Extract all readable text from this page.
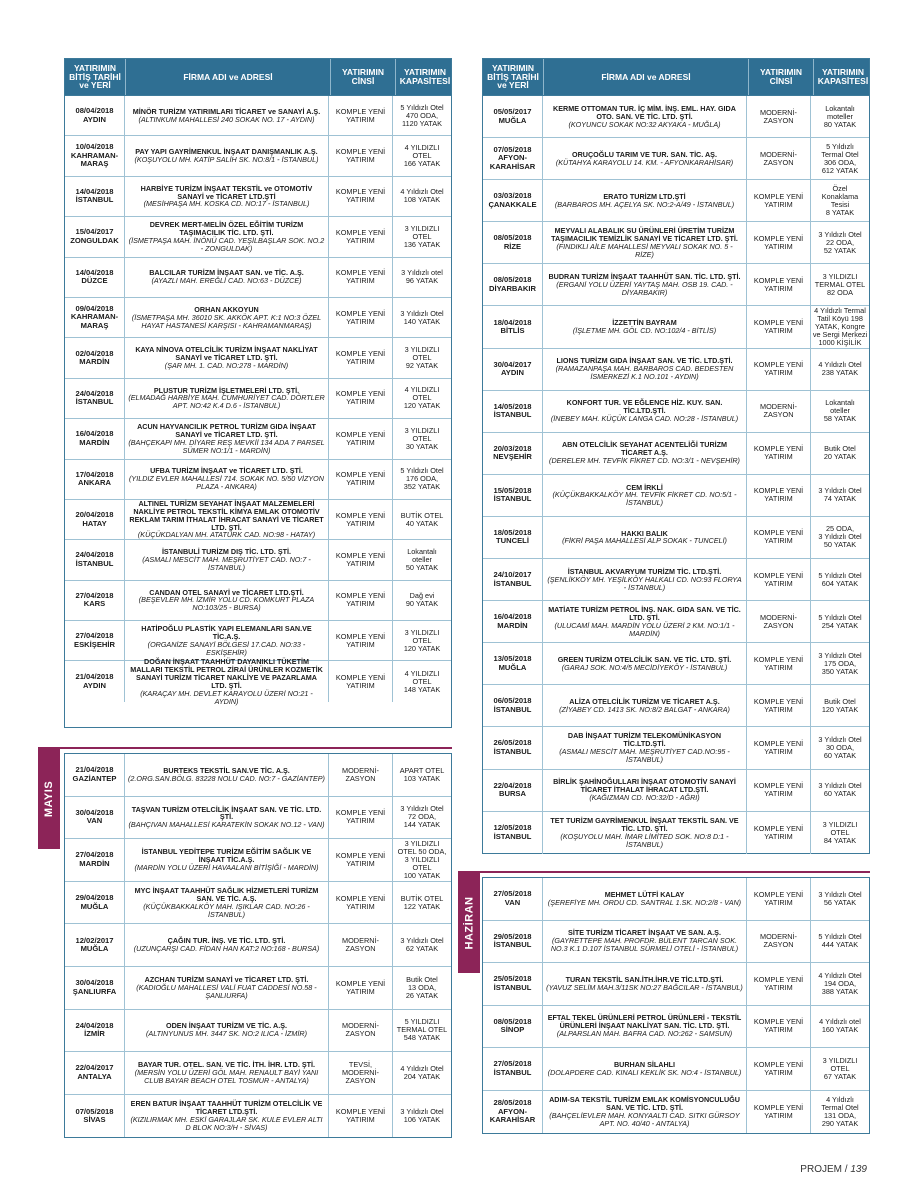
YATIRIMIN
BİTİŞ TARİHİ
ve YERİ
FİRMA ADI ve ADRESİ	YATIRIMIN
CİNSİ
YATIRIMIN
KAPASİTESİ
08/04/2018
AYDIN
MİNÖR TURİZM YATIRIMLARI TİCARET ve SANAYİ A.Ş.
(ALTINKUM MAHALLESİ 240 SOKAK NO. 17 - AYDIN)
KOMPLE YENİ
YATIRIM
5 Yıldızlı Otel
470 ODA,
1120 YATAK
10/04/2018
KAHRAMAN-
MARAŞ
PAY YAPI GAYRİMENKUL İNŞAAT DANIŞMANLIK A.Ş.
(KOŞUYOLU MH. KATİP SALİH SK. NO:8/1 - İSTANBUL)
KOMPLE YENİ
YATIRIM
4 YILDIZLI
OTEL
166 YATAK
14/04/2018
İSTANBUL
HARBİYE TURİZM İNŞAAT TEKSTİL ve OTOMOTİV SANAYİ ve TİCARET LTD.ŞTİ
(MESİHPAŞA MH. KOSKA CD. NO:17 - İSTANBUL)
KOMPLE YENİ
YATIRIM
4 Yıldızlı Otel
108 YATAK
15/04/2017
ZONGULDAK
DEVREK MERT-MELİN ÖZEL EĞİTİM TURİZM TAŞIMACILIK TİC. LTD. ŞTİ.
(İSMETPAŞA MAH. İNÖNÜ CAD. YEŞİLBAŞLAR SOK. NO.2 - ZONGULDAK)
KOMPLE YENİ
YATIRIM
3 YILDIZLI
OTEL
136 YATAK
14/04/2018
DÜZCE
BALCILAR TURİZM İNŞAAT SAN. ve TİC. A.Ş.
(AYAZLI MAH. EREĞLİ CAD. NO:63 - DÜZCE)
KOMPLE YENİ
YATIRIM
3 Yıldızlı otel
96 YATAK
09/04/2018
KAHRAMAN-
MARAŞ
ORHAN AKKOYUN
(İSMETPAŞA MH. 36010 SK. AKKÖK APT. K:1 NO:3 ÖZEL HAYAT HASTANESİ KARŞISI - KAHRAMANMARAŞ)
KOMPLE YENİ
YATIRIM
3 Yıldızlı Otel
140 YATAK
02/04/2018
MARDİN
KAYA NİNOVA OTELCİLİK TURİZM İNŞAAT NAKLİYAT SANAYİ ve TİCARET LTD. ŞTİ.
(ŞAR MH. 1. CAD. NO:278 - MARDİN)
KOMPLE YENİ
YATIRIM
3 YILDIZLI
OTEL
92 YATAK
24/04/2018
İSTANBUL
PLUSTUR TURİZM İŞLETMELERİ LTD. ŞTİ.
(ELMADAĞ HARBİYE MAH. CUMHURİYET CAD. DÖRTLER APT. NO:42 K.4 D.6 - İSTANBUL)
KOMPLE YENİ
YATIRIM
4 YILDIZLI
OTEL
120 YATAK
16/04/2018
MARDİN
ACUN HAYVANCILIK PETROL TURİZM GIDA İNŞAAT SANAYİ ve TİCARET LTD. ŞTİ.
(BAHÇEKAPI MH. DİYARE REŞ MEVKİİ 134 ADA 7 PARSEL SÜMER NO:1/1 - MARDİN)
KOMPLE YENİ
YATIRIM
3 YILDIZLI
OTEL
30 YATAK
17/04/2018
ANKARA
UFBA TURİZM İNŞAAT ve TİCARET LTD. ŞTİ.
(YILDIZ EVLER MAHALLESİ 714. SOKAK NO. 5/50 VİZYON PLAZA - ANKARA)
KOMPLE YENİ
YATIRIM
5 Yıldızlı Otel
176 ODA,
352 YATAK
20/04/2018
HATAY
ALTINEL TURİZM SEYAHAT İNŞAAT MALZEMELERİ NAKLİYE PETROL TEKSTİL KİMYA EMLAK OTOMOTİV REKLAM TARIM İTHALAT İHRACAT SANAYİ VE TİCARET LTD. ŞTİ.
(KÜÇÜKDALYAN MH. ATATÜRK CAD. NO:98 - HATAY)
KOMPLE YENİ
YATIRIM
BUTİK OTEL
40 YATAK
24/04/2018
İSTANBUL
İSTANBULİ TURİZM DIŞ TİC. LTD. ŞTİ.
(ASMALI MESCİT MAH. MEŞRUTİYET CAD. NO:7 - İSTANBUL)
KOMPLE YENİ
YATIRIM
Lokantalı
oteller
50 YATAK
27/04/2018
KARS
CANDAN OTEL SANAYİ ve TİCARET LTD.ŞTİ.
(BEŞEVLER MH. İZMİR YOLU CD. KOMKURT PLAZA NO:103/25 - BURSA)
KOMPLE YENİ
YATIRIM
Dağ evi
90 YATAK
27/04/2018
ESKİŞEHİR
HATİPOĞLU PLASTİK YAPI ELEMANLARI SAN.VE TİC.A.Ş.
(ORGANİZE SANAYİ BÖLGESİ 17.CAD. NO:33 - ESKİŞEHİR)
KOMPLE YENİ
YATIRIM
3 YILDIZLI
OTEL
120 YATAK
21/04/2018
AYDIN
DOĞAN İNŞAAT TAAHHÜT DAYANIKLI TÜKETİM MALLARI TEKSTİL PETROL ZİRAİ ÜRÜNLER KOZMETİK SANAYİ TURİZM TİCARET NAKLİYE VE PAZARLAMA LTD. ŞTİ.
(KARAÇAY MH. DEVLET KARAYOLU ÜZERİ NO:21 - AYDIN)
KOMPLE YENİ
YATIRIM
4 YILDIZLI
OTEL
148 YATAK
MAYIS
21/04/2018
GAZİANTEP
BURTEKS TEKSTİL SAN.VE TİC. A.Ş.
(2.ORG.SAN.BÖLG. 83228 NOLU CAD. NO:7 - GAZİANTEP)
MODERNİ-
ZASYON
APART OTEL
103 YATAK
30/04/2018
VAN
TAŞVAN TURİZM OTELCİLİK İNŞAAT SAN. VE TİC. LTD. ŞTİ.
(BAHÇIVAN MAHALLESİ KARATEKİN SOKAK NO.12 - VAN)
KOMPLE YENİ
YATIRIM
3 Yıldızlı Otel
72 ODA,
144 YATAK
27/04/2018
MARDİN
İSTANBUL YEDİTEPE TURİZM EĞİTİM SAĞLIK VE İNŞAAT TİC.A.Ş.
(MARDİN YOLU ÜZERİ HAVAALANI BİTİŞİĞİ - MARDİN)
KOMPLE YENİ
YATIRIM
3 YILDIZLI
OTEL 50 ODA,
3 YILDIZLI
OTEL
100 YATAK
29/04/2018
MUĞLA
MYC İNŞAAT TAAHHÜT SAĞLIK HİZMETLERİ TURİZM SAN. VE TİC. A.Ş.
(KÜÇÜKBAKKALKÖY MAH. IŞIKLAR CAD. NO:26 - İSTANBUL)
KOMPLE YENİ
YATIRIM
BUTİK OTEL
122 YATAK
12/02/2017
MUĞLA
ÇAĞIN TUR. İNŞ. VE TİC. LTD. ŞTİ.
(UZUNÇARŞI CAD. FİDAN HAN KAT:2 NO:168 - BURSA)
MODERNİ-
ZASYON
3 Yıldızlı Otel
62 YATAK
30/04/2018
ŞANLIURFA
AZCHAN TURİZM SANAYİ ve TİCARET LTD. ŞTİ.
(KADIOĞLU MAHALLESİ VALİ FUAT CADDESİ NO.58 - ŞANLIURFA)
KOMPLE YENİ
YATIRIM
Butik Otel
13 ODA,
26 YATAK
24/04/2018
İZMİR
ODEN İNŞAAT TURİZM VE TİC. A.Ş.
(ALTINYUNUS MH. 3447 SK. NO:2 ILICA - İZMİR)
MODERNİ-
ZASYON
5 YILDIZLI
TERMAL OTEL
548 YATAK
22/04/2017
ANTALYA
BAYAR TUR. OTEL. SAN. VE TİC. İTH. İHR. LTD. ŞTİ.
(MERSİN YOLU ÜZERİ GÖL MAH. RENAULT BAYİ YANI CLUB BAYAR BEACH OTEL TOSMUR - ANTALYA)
TEVSİ,
MODERNİ-
ZASYON
4 Yıldızlı Otel
204 YATAK
07/05/2018
SİVAS
EREN BATUR İNŞAAT TAAHHÜT TURİZM OTELCİLİK VE TİCARET LTD.ŞTİ.
(KIZILIRMAK MH. ESKİ GARAJLAR SK. KULE EVLER ALTI D BLOK NO:3/H - SİVAS)
KOMPLE YENİ
YATIRIM
3 Yıldızlı Otel
106 YATAK
YATIRIMIN
BİTİŞ TARİHİ
ve YERİ
FİRMA ADI ve ADRESİ	YATIRIMIN
CİNSİ
YATIRIMIN
KAPASİTESİ
05/05/2017
MUĞLA
KERME OTTOMAN TUR. İÇ MİM. İNŞ. EML. HAY. GIDA OTO. SAN. VE TİC. LTD. ŞTİ.
(KOYUNCU SOKAK NO:32 AKYAKA - MUĞLA)
MODERNİ-
ZASYON
Lokantalı
moteller
80 YATAK
07/05/2018
AFYON-
KARAHİSAR
ORUÇOĞLU TARIM VE TUR. SAN. TİC. AŞ.
(KÜTAHYA KARAYOLU 14. KM. - AFYONKARAHİSAR)
MODERNİ-
ZASYON
5 Yıldızlı
Termal Otel
306 ODA,
612 YATAK
03/03/2018
ÇANAKKALE
ERATO TURİZM LTD.ŞTİ
(BARBAROS MH. AÇELYA SK. NO:2-A/49 - İSTANBUL)
KOMPLE YENİ
YATIRIM
Özel
Konaklama
Tesisi
8 YATAK
08/05/2018
RİZE
MEYVALI ALABALIK SU ÜRÜNLERİ ÜRETİM TURİZM TAŞIMACILIK TEMİZLİK SANAYİ VE TİCARET LTD. ŞTİ.
(FINDIKLI AİLE MAHALLESİ MEYVALI SOKAK NO. 5 - RİZE)
KOMPLE YENİ
YATIRIM
3 Yıldızlı Otel
22 ODA,
52 YATAK
08/05/2018
DİYARBAKIR
BUDRAN TURİZM İNŞAAT TAAHHÜT SAN. TİC. LTD. ŞTİ.
(ERGANİ YOLU ÜZERİ YAYTAŞ MAH. OSB 19. CAD. - DİYARBAKIR)
KOMPLE YENİ
YATIRIM
3 YILDIZLI
TERMAL OTEL
82 ODA
18/04/2018
BİTLİS
İZZETTİN BAYRAM
(İŞLETME MH. GÖL CD. NO:102/4 - BİTLİS)
KOMPLE YENİ
YATIRIM
4 Yıldızlı Termal
Tatil Köyü 198
YATAK, Kongre
ve Sergi Merkezi
1000 KİŞİLİK
30/04/2017
AYDIN
LIONS TURİZM GIDA İNŞAAT SAN. VE TİC. LTD.ŞTİ.
(RAMAZANPAŞA MAH. BARBAROS CAD. BEDESTEN İSMERKEZİ K.1 NO.101 - AYDIN)
KOMPLE YENİ
YATIRIM
4 Yıldızlı Otel
238 YATAK
14/05/2018
İSTANBUL
KONFORT TUR. VE EĞLENCE HİZ. KUY. SAN. TİC.LTD.ŞTİ.
(İNEBEY MAH. KÜÇÜK LANGA CAD. NO:28 - İSTANBUL)
MODERNİ-
ZASYON
Lokantalı
oteller
58 YATAK
20/03/2018
NEVŞEHİR
ABN OTELCİLİK SEYAHAT ACENTELİĞİ TURİZM TİCARET A.Ş.
(DERELER MH. TEVFİK FİKRET CD. NO:3/1 - NEVŞEHİR)
KOMPLE YENİ
YATIRIM
Butik Otel
20 YATAK
15/05/2018
İSTANBUL
CEM İRKLİ
(KÜÇÜKBAKKALKÖY MH. TEVFİK FİKRET CD. NO:5/1 - İSTANBUL)
KOMPLE YENİ
YATIRIM
3 Yıldızlı Otel
74 YATAK
18/05/2018
TUNCELİ
HAKKI BALIK
(FİKRİ PAŞA MAHALLESİ ALP SOKAK - TUNCELİ)
KOMPLE YENİ
YATIRIM
25 ODA,
3 Yıldızlı Otel
50 YATAK
24/10/2017
İSTANBUL
İSTANBUL AKVARYUM TURİZM TİC. LTD.ŞTİ.
(ŞENLİKKÖY MH. YEŞİLKÖY HALKALI CD. NO:93 FLORYA - İSTANBUL)
KOMPLE YENİ
YATIRIM
5 Yıldızlı Otel
604 YATAK
16/04/2018
MARDİN
MATİATE TURİZM PETROL İNŞ. NAK. GIDA SAN. VE TİC. LTD. ŞTİ.
(ULUCAMİ MAH. MARDİN YOLU ÜZERİ 2 KM. NO:1/1 - MARDİN)
MODERNİ-
ZASYON
5 Yıldızlı Otel
254 YATAK
13/05/2018
MUĞLA
GREEN TURİZM OTELCİLİK SAN. VE TİC. LTD. ŞTİ.
(GARAJ SOK. NO:4/5 MECİDİYEKÖY - İSTANBUL)
KOMPLE YENİ
YATIRIM
3 Yıldızlı Otel
175 ODA,
350 YATAK
06/05/2018
İSTANBUL
ALİZA OTELCİLİK TURİZM VE TİCARET A.Ş.
(ZİYABEY CD. 1413 SK. NO:8/2 BALGAT - ANKARA)
KOMPLE YENİ
YATIRIM
Butik Otel
120 YATAK
26/05/2018
İSTANBUL
DAB İNŞAAT TURİZM TELEKOMÜNİKASYON TİC.LTD.ŞTİ.
(ASMALI MESCİT MAH. MEŞRUTİYET CAD.NO:95 - İSTANBUL)
KOMPLE YENİ
YATIRIM
3 Yıldızlı Otel
30 ODA,
60 YATAK
22/04/2018
BURSA
BİRLİK ŞAHİNOĞULLARI İNŞAAT OTOMOTİV SANAYİ TİCARET İTHALAT İHRACAT LTD.ŞTİ.
(KAĞIZMAN CD. NO:32/D - AĞRI)
KOMPLE YENİ
YATIRIM
3 Yıldızlı Otel
60 YATAK
12/05/2018
İSTANBUL
TET TURİZM GAYRİMENKUL İNŞAAT TEKSTİL SAN. VE TİC. LTD. ŞTİ.
(KOŞUYOLU MAH. İMAR LİMİTED SOK. NO:8 D:1 - İSTANBUL)
KOMPLE YENİ
YATIRIM
3 YILDIZLI
OTEL
84 YATAK
HAZİRAN
27/05/2018
VAN
MEHMET LÜTFİ KALAY
(ŞEREFİYE MH. ORDU CD. SANTRAL 1.SK. NO:2/8 - VAN)
KOMPLE YENİ
YATIRIM
3 Yıldızlı Otel
56 YATAK
29/05/2018
İSTANBUL
SİTE TURİZM TİCARET İNŞAAT VE SAN. A.Ş.
(GAYRETTEPE MAH. PROFDR. BÜLENT TARCAN SOK. NO.3 K.1 D.107 İSTANBUL SÜRMELİ OTELİ - İSTANBUL)
MODERNİ-
ZASYON
5 Yıldızlı Otel
444 YATAK
25/05/2018
İSTANBUL
TURAN TEKSTİL SAN.İTH.İHR.VE TİC.LTD.ŞTİ.
(YAVUZ SELİM MAH.3/11SK NO:27 BAĞCILAR - İSTANBUL)
KOMPLE YENİ
YATIRIM
4 Yıldızlı Otel
194 ODA,
388 YATAK
08/05/2018
SİNOP
EFTAL TEKEL ÜRÜNLERİ PETROL ÜRÜNLERİ - TEKSTİL ÜRÜNLERİ İNŞAAT NAKLİYAT SAN. TİC. LTD. ŞTİ.
(ALPARSLAN MAH. BAFRA CAD. NO:262 - SAMSUN)
KOMPLE YENİ
YATIRIM
4 Yıldızlı otel
160 YATAK
27/05/2018
İSTANBUL
BURHAN SİLAHLI
(DOLAPDERE CAD. KINALI KEKLİK SK. NO:4 - İSTANBUL)
KOMPLE YENİ
YATIRIM
3 YILDIZLI
OTEL
67 YATAK
28/05/2018
AFYON-
KARAHİSAR
ADIM-SA TEKSTİL TURİZM EMLAK KOMİSYONCULUĞU SAN. VE TİC. LTD. ŞTİ.
(BAHÇELİEVLER MAH. KONYAALTI CAD. SITKI GÜRSOY APT. NO. 40/40 - ANTALYA)
KOMPLE YENİ
YATIRIM
4 Yıldızlı
Termal Otel
131 ODA,
290 YATAK
PROJEM / 139
